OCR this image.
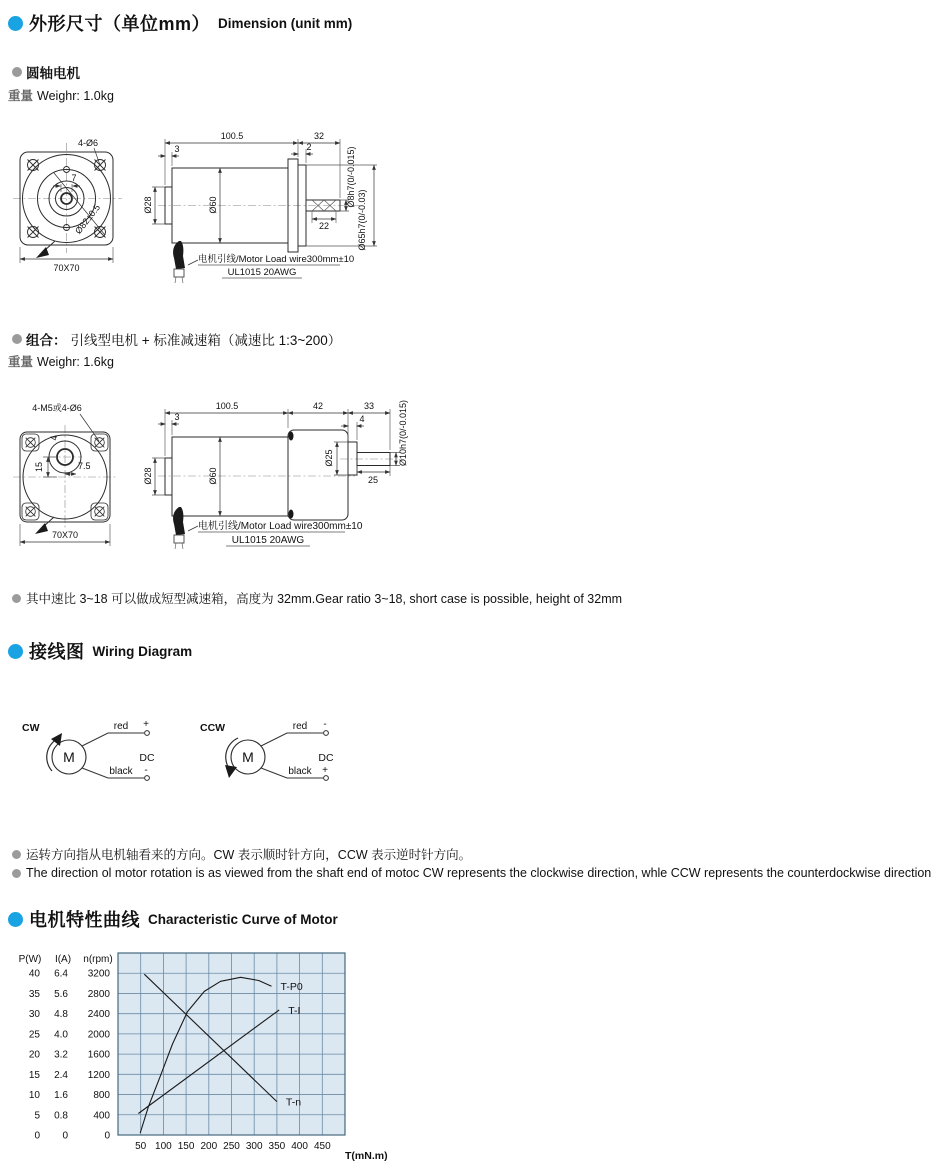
外形尺寸（单位mm） Dimension (unit mm)
圆轴电机
重量 Weighr: 1.0kg
4-Ø6
7
Ø82±0.5
70X70
100.5	32
3	2
Ø28	Ø60
22
Ø8h7(0/-0.015)
Ø65h7(0/-0.03)
电机引线/Motor Load wire300mm±10
UL1015 20AWG
组合： 引线型电机 + 标准减速箱（减速比 1:3~200）
重量 Weighr: 1.6kg
4
4-M5或4-Ø6
15	7.5
70X70
100.5	42	33
3	4
Ø28	Ø60
Ø25
25
Ø10h7(0/-0.015)
电机引线/Motor Load wire300mm±10
UL1015 20AWG
其中速比 3~18 可以做成短型减速箱，高度为 32mm.Gear ratio 3~18, short case is possible, height of 32mm
接线图 Wiring Diagram
CW
M
red
black
+
-
DC
CCW
M
red
black
-
+
DC
运转方向指从电机轴看来的方向。CW 表示顺时针方向，CCW 表示逆时针方向。
The direction ol motor rotation is as viewed from the shaft end of motoc CW represents the clockwise direction, whle CCW represents the counterdockwise direction
电机特性曲线 Characteristic Curve of Motor
P(W)
40
35
30
25
20
15
10
5
0
I(A)
6.4
5.6
4.8
4.0
3.2
2.4
1.6
0.8
0
n(rpm)
3200
2800
2400
2000
1600
1200
800
400
0
50 100 150 200 250 300 350 400 450
T(mN.m)
T-P0
T-I
T-n
